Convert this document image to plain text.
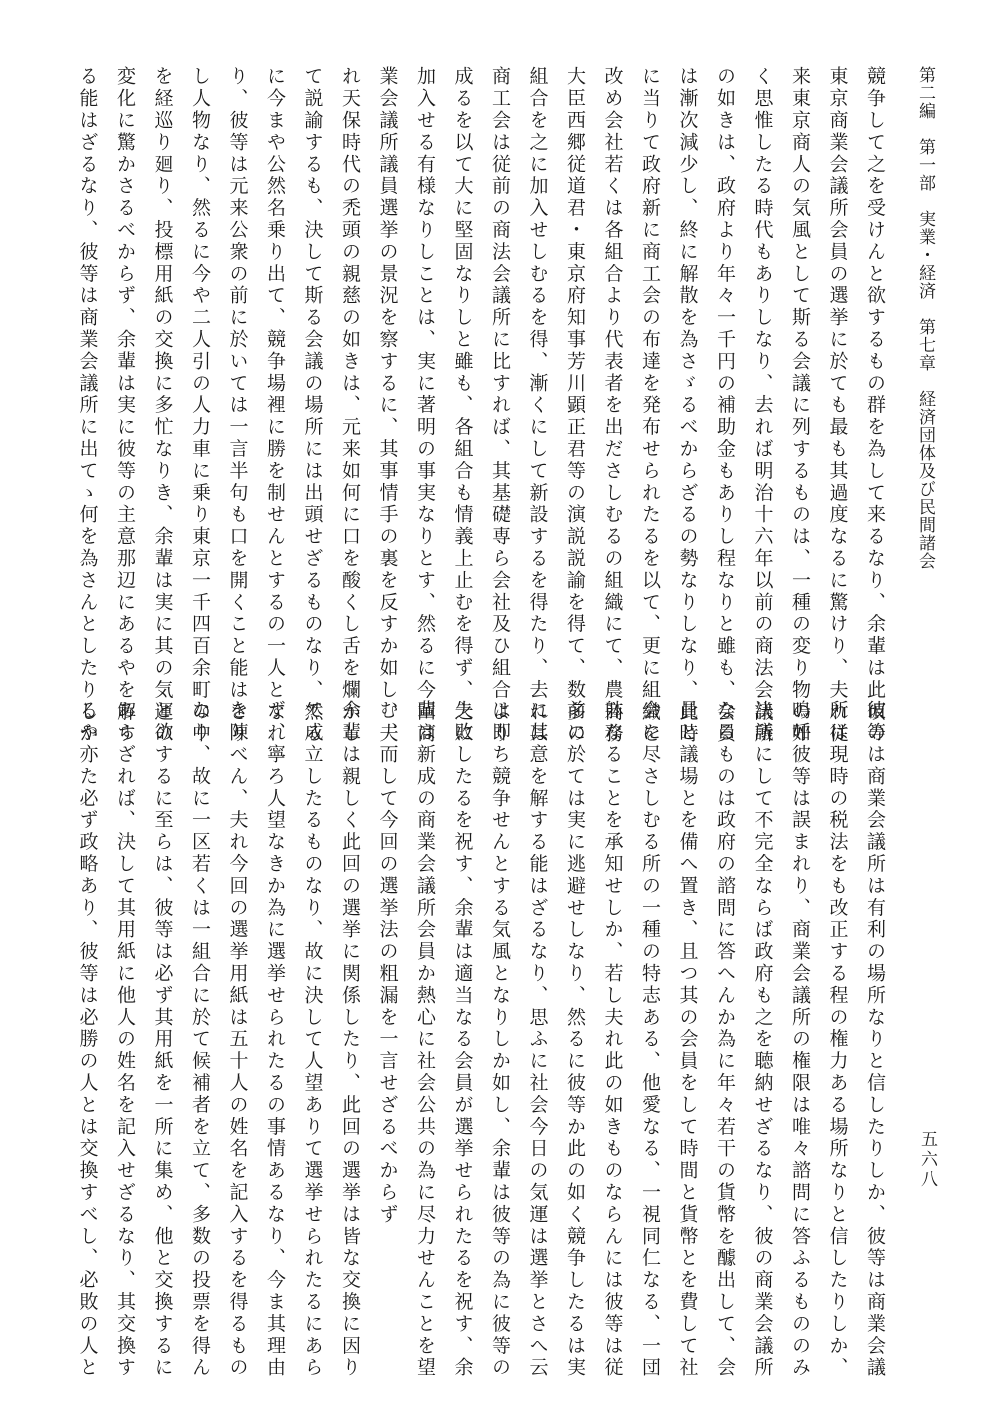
第二編　第一部　実業・経済　第七章　経済団体及び民間諸会
五六八
競争して之を受けんと欲するもの群を為して来るなり、余輩は此頃の
東京商業会議所会員の選挙に於ても最も其過度なるに驚けり、夫れ従
来東京商人の気風として斯る会議に列するものは、一種の変り物の如
く思惟したる時代もありしなり、去れば明治十六年以前の商法会議所
の如きは、政府より年々一千円の補助金もありし程なりと雖も、会員
は漸次減少し、終に解散を為さゞるべからざるの勢なりしなり、此時
に当りて政府新に商工会の布達を発布せられたるを以て、更に組織を
改め会社若くは各組合より代表者を出ださしむるの組織にて、農商務
大臣西郷従道君・東京府知事芳川顕正君等の演説説諭を得て、数多の
組合を之に加入せしむるを得、漸くにして新設するを得たり、去れは
商工会は従前の商法会議所に比すれば、其基礎専ら会社及ひ組合より
成るを以て大に堅固なりしと雖も、各組合も情義上止むを得ず、之に
加入せる有様なりしことは、実に著明の事実なりとす、然るに今回商
業会議所議員選挙の景況を察するに、其事情手の裏を反すか如し、夫
れ天保時代の禿頭の親慈の如きは、元来如何に口を酸くし舌を爛かし
て説諭するも、決して斯る会議の場所には出頭せざるものなり、然る
に今まや公然名乗り出て、競争場裡に勝を制せんとするの一人となれ
り、彼等は元来公衆の前に於いては一言半句も口を開くこと能はさり
し人物なり、然るに今や二人引の人力車に乗り東京一千四百余町の中
を経巡り廻り、投標用紙の交換に多忙なりき、余輩は実に其の気運の
変化に驚かさるべからず、余輩は実に彼等の主意那辺にあるやを解す
る能はざるなり、彼等は商業会議所に出てゝ何を為さんとしたりしか
彼等は商業会議所は有利の場所なりと信したりしか、彼等は商業会議
所は現時の税法をも改正する程の権力ある場所なりと信したりしか、
嗚呼彼等は誤まれり、商業会議所の権限は唯々諮問に答ふるもののみ
決議にして不完全ならば政府も之を聴納せざるなり、彼の商業会議所
なるものは政府の諮問に答へんか為に年々若干の貨幣を醵出して、会
員と議場とを備へ置き、且つ其の会員をして時間と貨幣とを費して社
会に尽さしむる所の一種の特志ある、他愛なる、一視同仁なる、一団
躰なることを承知せしか、若し夫れ此の如きものならんには彼等は従
前に於ては実に逃避せしなり、然るに彼等か此の如く競争したるは実
に其意を解する能はざるなり、思ふに社会今日の気運は選挙とさへ云
は即ち競争せんとする気風となりしか如し、余輩は彼等の為に彼等の
失敗したるを祝す、余輩は適当なる会員が選挙せられたるを祝す、余
輩は新成の商業会議所会員か熱心に社会公共の為に尽力せんことを望
む、而して今回の選挙法の粗漏を一言せざるべからず
余輩は親しく此回の選挙に関係したり、此回の選挙は皆な交換に因り
て成立したるものなり、故に決して人望ありて選挙せられたるにあら
ず、寧ろ人望なきか為に選挙せられたるの事情あるなり、今ま其理由
を陳べん、夫れ今回の選挙用紙は五十人の姓名を記入するを得るもの
なり、故に一区若くは一組合に於て候補者を立て、多数の投票を得ん
と欲するに至らは、彼等は必ず其用紙を一所に集め、他と交換するに
あらざれば、決して其用紙に他人の姓名を記入せざるなり、其交換す
るや亦た必ず政略あり、彼等は必勝の人とは交換すべし、必敗の人と
